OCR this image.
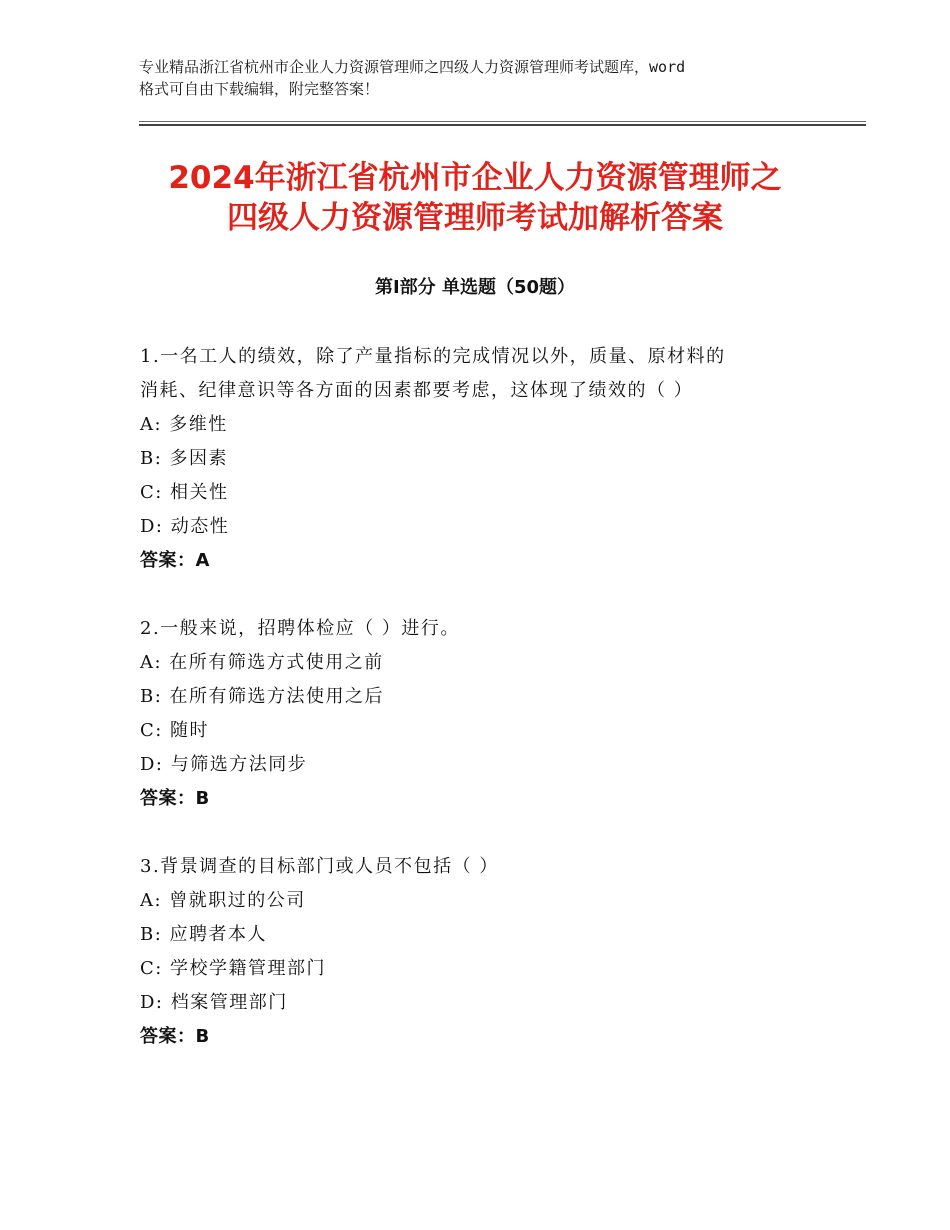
专业精品浙江省杭州市企业人力资源管理师之四级人力资源管理师考试题库，word
格式可自由下载编辑，附完整答案！
2024年浙江省杭州市企业人力资源管理师之
四级人力资源管理师考试加解析答案
第Ⅰ部分 单选题（50题）
1.一名工人的绩效，除了产量指标的完成情况以外，质量、原材料的
消耗、纪律意识等各方面的因素都要考虑，这体现了绩效的（ ）
A: 多维性
B: 多因素
C: 相关性
D: 动态性
答案：A
2.一般来说，招聘体检应（ ）进行。
A: 在所有筛选方式使用之前
B: 在所有筛选方法使用之后
C: 随时
D: 与筛选方法同步
答案：B
3.背景调查的目标部门或人员不包括（ ）
A: 曾就职过的公司
B: 应聘者本人
C: 学校学籍管理部门
D: 档案管理部门
答案：B
